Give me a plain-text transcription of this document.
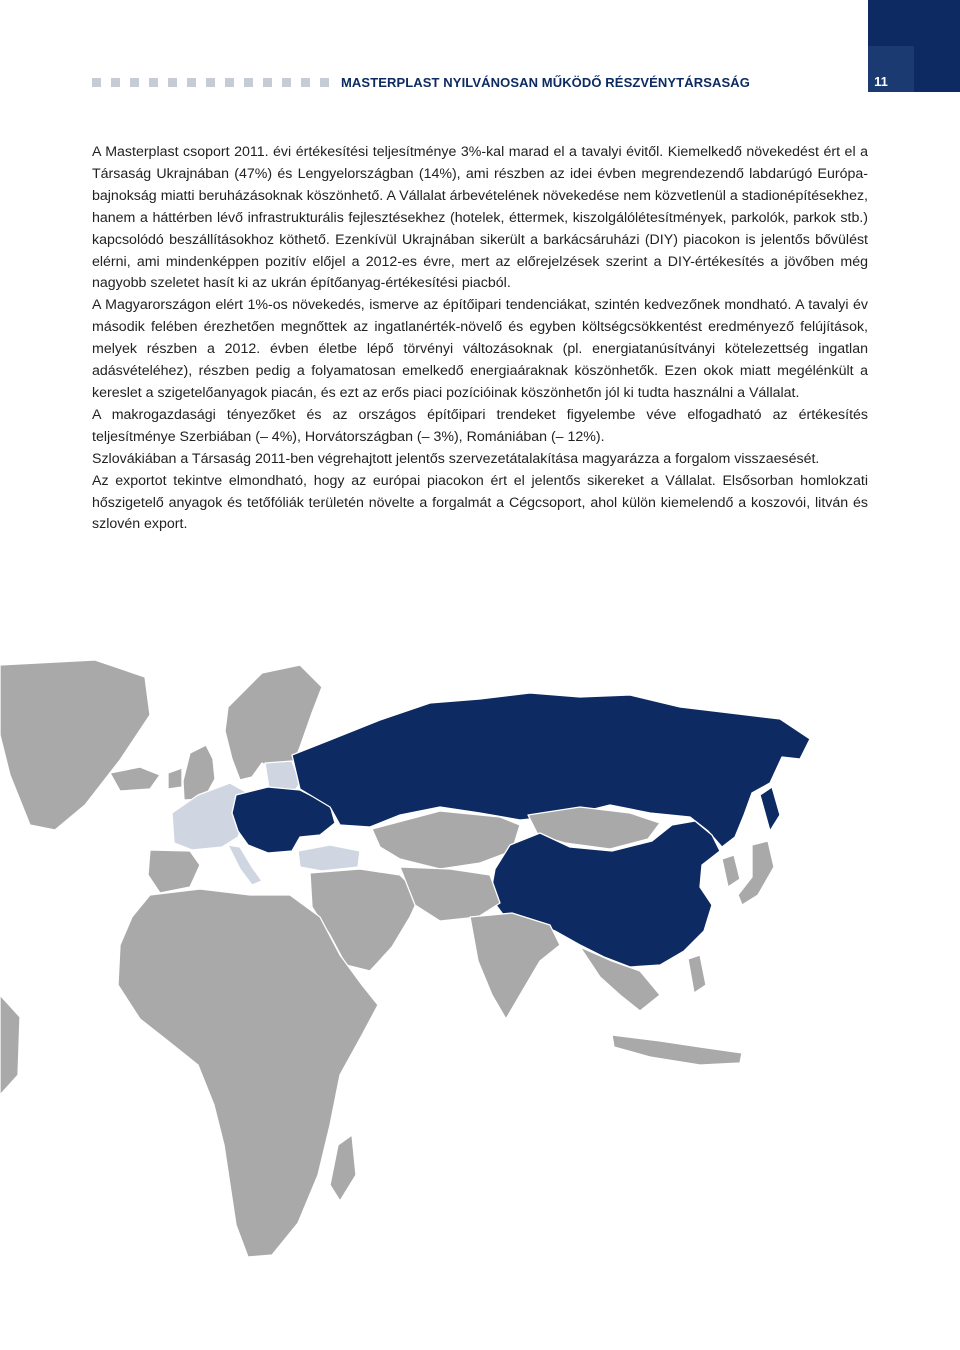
MASTERPLAST NYILVÁNOSAN MŰKÖDŐ RÉSZVÉNYTÁRSASÁG	11

A Masterplast csoport 2011. évi értékesítési teljesítménye 3%-kal marad el a tavalyi évitől. Kiemelkedő növekedést ért el a Társaság Ukrajnában (47%) és Lengyelországban (14%), ami részben az idei évben megrendezendő labdarúgó Európa-bajnokság miatti beruházásoknak köszönhető. A Vállalat árbevételének növekedése nem közvetlenül a stadionépítésekhez, hanem a háttérben lévő infrastrukturális fejlesztésekhez (hotelek, éttermek, kiszolgálólétesítmények, parkolók, parkok stb.) kapcsolódó beszállításokhoz köthető. Ezenkívül Ukrajnában sikerült a barkácsáruházi (DIY) piacokon is jelentős bővülést elérni, ami mindenképpen pozitív előjel a 2012-es évre, mert az előrejelzések szerint a DIY-értékesítés a jövőben még nagyobb szeletet hasít ki az ukrán építőanyag-értékesítési piacból.

A Magyarországon elért 1%-os növekedés, ismerve az építőipari tendenciákat, szintén kedvezőnek mondható. A tavalyi év második felében érezhetően megnőttek az ingatlanérték-növelő és egyben költségcsökkentést eredményező felújítások, melyek részben a 2012. évben életbe lépő törvényi változásoknak (pl. energiatanúsítványi kötelezettség ingatlan adásvételéhez), részben pedig a folyamatosan emelkedő energiaáraknak köszönhetők. Ezen okok miatt megélénkült a kereslet a szigetelőanyagok piacán, és ezt az erős piaci pozícióinak köszönhetőn jól ki tudta használni a Vállalat.

A makrogazdasági tényezőket és az országos építőipari trendeket figyelembe véve elfogadható az értékesítés teljesítménye Szerbiában (– 4%), Horvátországban (– 3%), Romániában (– 12%).

Szlovákiában a Társaság 2011-ben végrehajtott jelentős szervezetátalakítása magyarázza a forgalom visszaesését.

Az exportot tekintve elmondható, hogy az európai piacokon ért el jelentős sikereket a Vállalat. Elsősorban homlokzati hőszigetelő anyagok és tetőfóliák területén növelte a forgalmát a Cégcsoport, ahol külön kiemelendő a koszovói, litván és szlovén export.
